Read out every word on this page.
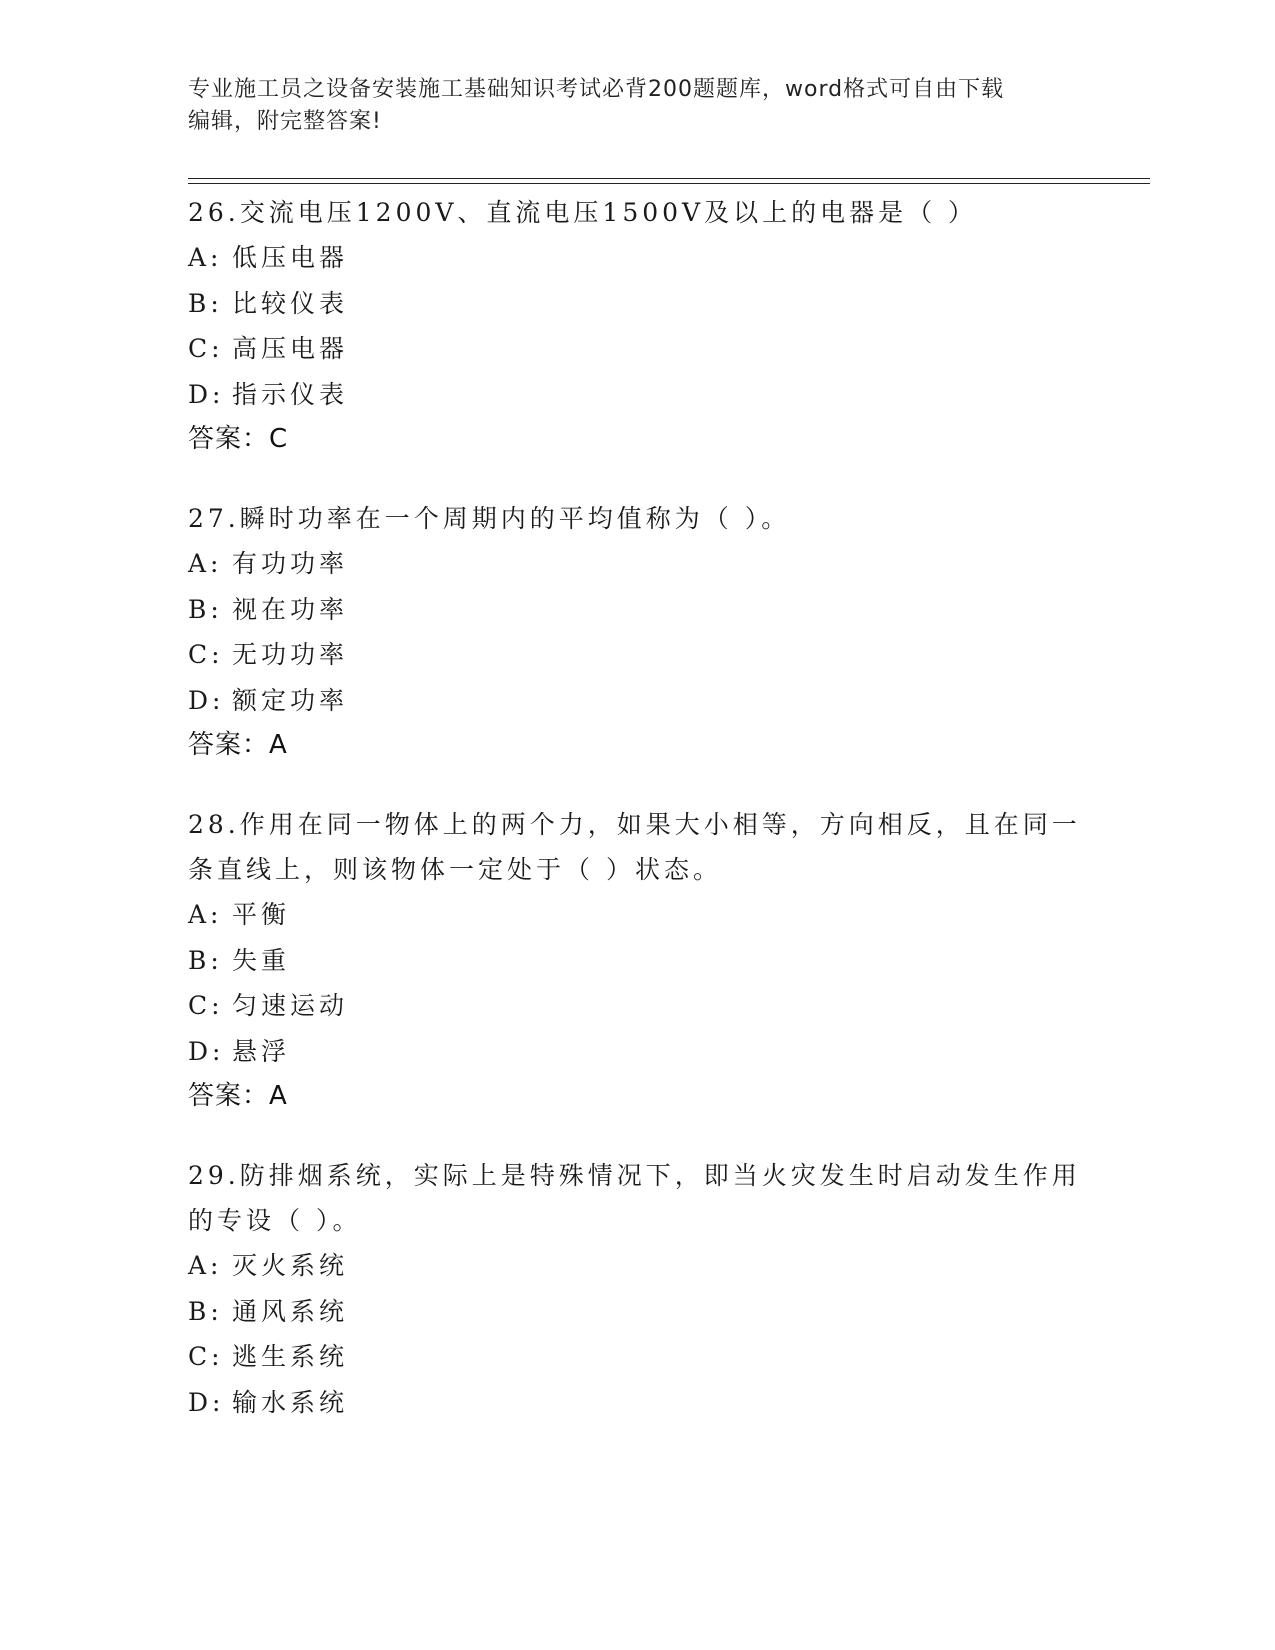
专业施工员之设备安装施工基础知识考试必背200题题库，word格式可自由下载
编辑，附完整答案!

26.交流电压1200V、直流电压1500V及以上的电器是（ ）

A: 低压电器
B: 比较仪表
C: 高压电器
D: 指示仪表
答案：C

27.瞬时功率在一个周期内的平均值称为（ ）。

A: 有功功率
B: 视在功率
C: 无功功率
D: 额定功率
答案：A

28.作用在同一物体上的两个力，如果大小相等，方向相反，且在同一条直线上，则该物体一定处于（ ）状态。

A: 平衡
B: 失重
C: 匀速运动
D: 悬浮
答案：A

29.防排烟系统，实际上是特殊情况下，即当火灾发生时启动发生作用的专设（ ）。

A: 灭火系统
B: 通风系统
C: 逃生系统
D: 输水系统
